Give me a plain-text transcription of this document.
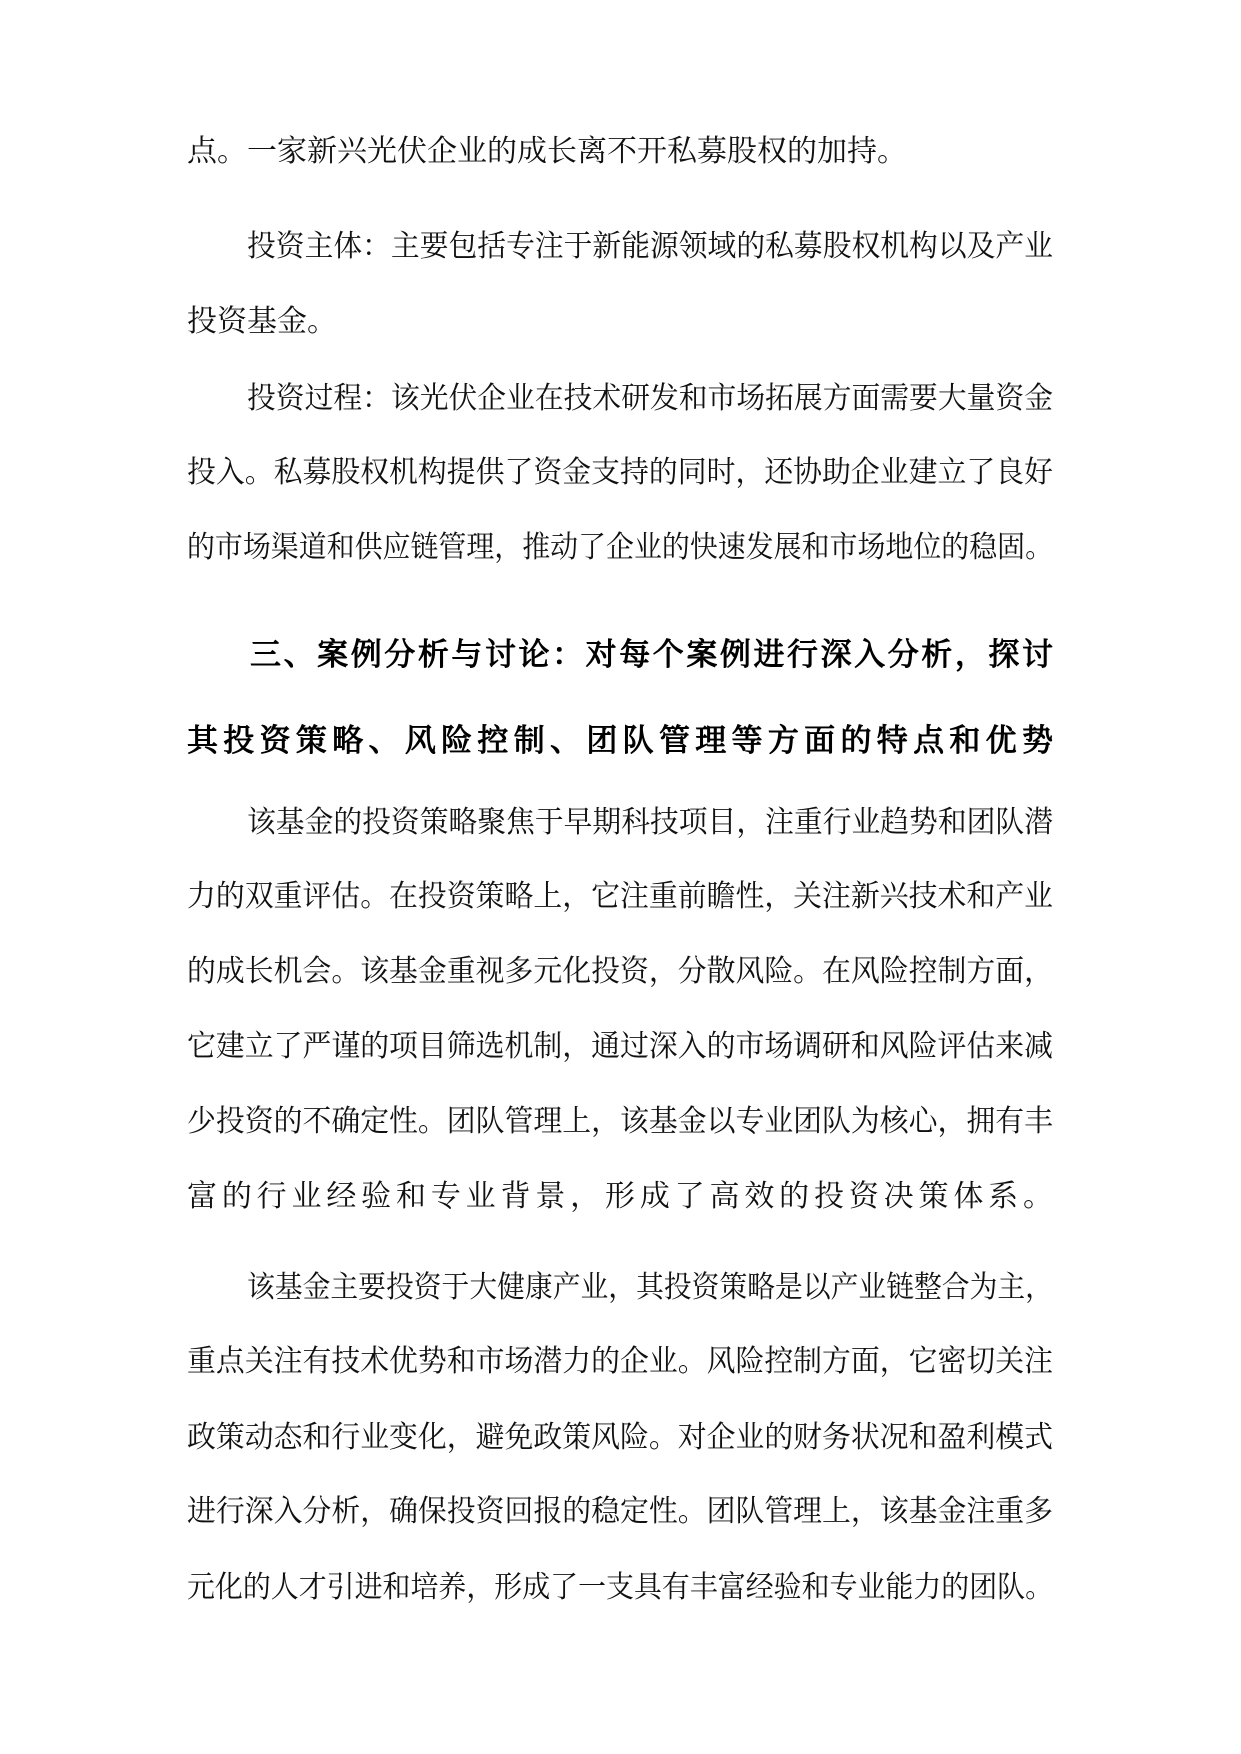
点。一家新兴光伏企业的成长离不开私募股权的加持。
投资主体：主要包括专注于新能源领域的私募股权机构以及产业
投资基金。
投资过程：该光伏企业在技术研发和市场拓展方面需要大量资金
投入。私募股权机构提供了资金支持的同时，还协助企业建立了良好
的市场渠道和供应链管理，推动了企业的快速发展和市场地位的稳固。
三、案例分析与讨论：对每个案例进行深入分析，探讨
其投资策略、风险控制、团队管理等方面的特点和优势
该基金的投资策略聚焦于早期科技项目，注重行业趋势和团队潜
力的双重评估。在投资策略上，它注重前瞻性，关注新兴技术和产业
的成长机会。该基金重视多元化投资，分散风险。在风险控制方面，
它建立了严谨的项目筛选机制，通过深入的市场调研和风险评估来减
少投资的不确定性。团队管理上，该基金以专业团队为核心，拥有丰
富的行业经验和专业背景，形成了高效的投资决策体系。
该基金主要投资于大健康产业，其投资策略是以产业链整合为主，
重点关注有技术优势和市场潜力的企业。风险控制方面，它密切关注
政策动态和行业变化，避免政策风险。对企业的财务状况和盈利模式
进行深入分析，确保投资回报的稳定性。团队管理上，该基金注重多
元化的人才引进和培养，形成了一支具有丰富经验和专业能力的团队。
